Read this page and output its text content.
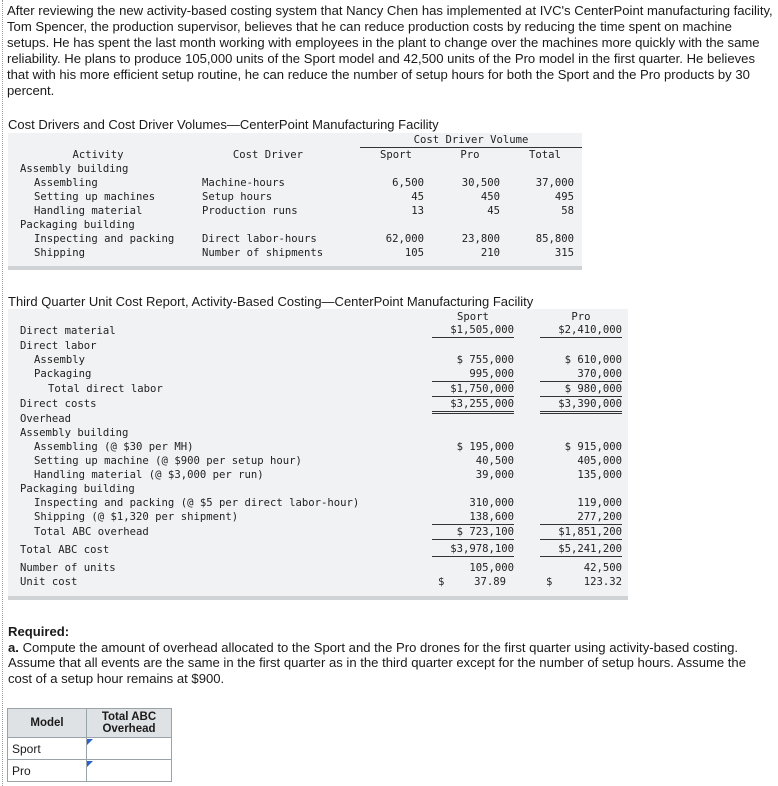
After reviewing the new activity-based costing system that Nancy Chen has implemented at IVC's CenterPoint manufacturing facility, Tom Spencer, the production supervisor, believes that he can reduce production costs by reducing the time spent on machine setups. He has spent the last month working with employees in the plant to change over the machines more quickly with the same reliability. He plans to produce 105,000 units of the Sport model and 42,500 units of the Pro model in the first quarter. He believes that with his more efficient setup routine, he can reduce the number of setup hours for both the Sport and the Pro products by 30 percent.

Cost Drivers and Cost Driver Volumes—CenterPoint Manufacturing Facility

Cost Driver Volume
Activity	Cost Driver	Sport	Pro	Total
Assembly building
Assembling	Machine-hours	6,500	30,500	37,000
Setting up machines	Setup hours	45	450	495
Handling material	Production runs	13	45	58
Packaging building
Inspecting and packing	Direct labor-hours	62,000	23,800	85,800
Shipping	Number of shipments	105	210	315

Third Quarter Unit Cost Report, Activity-Based Costing—CenterPoint Manufacturing Facility

Sport	Pro
Direct material	$1,505,000	$2,410,000
Direct labor
Assembly	$ 755,000	$ 610,000
Packaging	995,000	370,000
Total direct labor	$1,750,000	$ 980,000
Direct costs	$3,255,000	$3,390,000
Overhead
Assembly building
Assembling (@ $30 per MH)	$ 195,000	$ 915,000
Setting up machine (@ $900 per setup hour)	40,500	405,000
Handling material (@ $3,000 per run)	39,000	135,000
Packaging building
Inspecting and packing (@ $5 per direct labor-hour)	310,000	119,000
Shipping (@ $1,320 per shipment)	138,600	277,200
Total ABC overhead	$ 723,100	$1,851,200
Total ABC cost	$3,978,100	$5,241,200
Number of units	105,000	42,500
Unit cost	$	37.89	$	123.32
Required:
a. Compute the amount of overhead allocated to the Sport and the Pro drones for the first quarter using activity-based costing. Assume that all events are the same in the first quarter as in the third quarter except for the number of setup hours. Assume the cost of a setup hour remains at $900.
Model	Total ABC Overhead
Sport	

Pro	
